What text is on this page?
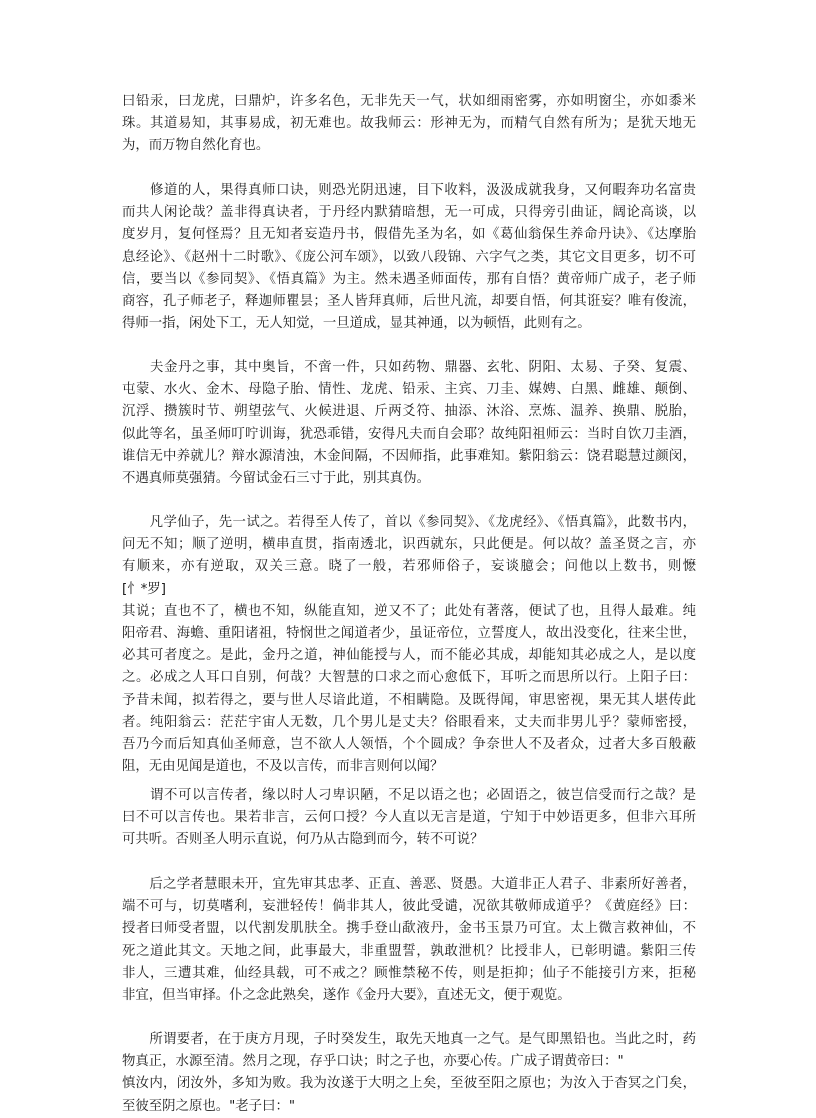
曰铅汞，曰龙虎，曰鼎炉，许多名色，无非先天一气，状如细雨密雾，亦如明窗尘，亦如黍米
珠。其道易知，其事易成，初无难也。故我师云：形神无为，而精气自然有所为；是犹天地无
为，而万物自然化育也。

　　修道的人，果得真师口诀，则恐光阴迅速，目下收料，汲汲成就我身，又何暇奔功名富贵
而共人闲论哉？盖非得真诀者，于丹经内默猜暗想，无一可成，只得旁引曲证，阔论高谈，以
度岁月，复何怪焉？且无知者妄造丹书，假借先圣为名，如《葛仙翁保生养命丹诀》、《达摩胎
息经论》、《赵州十二时歌》、《庞公河车颂》，以致八段锦、六字气之类，其它文目更多，切不可
信，要当以《参同契》、《悟真篇》为主。然未遇圣师面传，那有自悟？黄帝师广成子，老子师
商容，孔子师老子，释迦师瞿昙；圣人皆拜真师，后世凡流，却要自悟，何其诳妄？唯有俊流，
得师一指，闲处下工，无人知觉，一旦道成，显其神通，以为顿悟，此则有之。

　　夫金丹之事，其中奥旨，不啻一件，只如药物、鼎器、玄牝、阴阳、太易、子癸、复震、
屯蒙、水火、金木、母隐子胎、情性、龙虎、铅汞、主宾、刀圭、媒娉、白黑、雌雄、颠倒、
沉浮、攒簇时节、朔望弦气、火候进退、斤两爻符、抽添、沐浴、烹炼、温养、换鼎、脱胎，
似此等名，虽圣师叮咛训诲，犹恐乖错，安得凡夫而自会耶？故纯阳祖师云：当时自饮刀圭酒，
谁信无中养就儿？辩水源清浊，木金间隔，不因师指，此事难知。紫阳翁云：饶君聪慧过颜闵，
不遇真师莫强猜。今留试金石三寸于此，别其真伪。

　　凡学仙子，先一试之。若得至人传了，首以《参同契》、《龙虎经》、《悟真篇》，此数书内，
问无不知；顺了逆明，横串直贯，指南透北，识西就东，只此便是。何以故？盖圣贤之言，亦
有顺来，亦有逆取，双关三意。晓了一般，若邪师俗子，妄谈臆会；问他以上数书，则懡
[忄*罗]
其说；直也不了，横也不知，纵能直知，逆又不了；此处有著落，便试了也，且得人最难。纯
阳帝君、海蟾、重阳诸祖，特悯世之闻道者少，虽证帝位，立誓度人，故出没变化，往来尘世，
必其可者度之。是此，金丹之道，神仙能授与人，而不能必其成，却能知其必成之人，是以度
之。必成之人耳口自别，何哉？大智慧的口求之而心愈低下，耳听之而思所以行。上阳子曰：
予昔未闻，拟若得之，要与世人尽谙此道，不相瞒隐。及既得闻，审思密视，果无其人堪传此
者。纯阳翁云：茫茫宇宙人无数，几个男儿是丈夫？俗眼看来，丈夫而非男儿乎？蒙师密授，
吾乃今而后知真仙圣师意，岂不欲人人领悟，个个圆成？争奈世人不及者众，过者大多百般蔽
阻，无由见闻是道也，不及以言传，而非言则何以闻？

　　谓不可以言传者，缘以时人刁卑识陋，不足以语之也；必固语之，彼岂信受而行之哉？是
曰不可以言传也。果若非言，云何口授？今人直以无言是道，宁知于中妙语更多，但非六耳所
可共听。否则圣人明示直说，何乃从古隐到而今，转不可说？

　　后之学者慧眼未开，宜先审其忠孝、正直、善恶、贤愚。大道非正人君子、非素所好善者，
端不可与，切莫嗜利，妄泄轻传！倘非其人，彼此受谴，况欲其敬师成道乎？《黄庭经》曰：
授者曰师受者盟，以代割发肌肤全。携手登山歃液丹，金书玉景乃可宜。太上微言救神仙，不
死之道此其文。天地之间，此事最大，非重盟誓，孰敢泄机？比授非人，已彰明谴。紫阳三传
非人，三遭其难，仙经具载，可不戒之？顾惟禁秘不传，则是拒抑；仙子不能接引方来，拒秘
非宜，但当审择。仆之念此熟矣，遂作《金丹大要》，直述无文，便于观览。

　　所谓要者，在于庚方月现，子时癸发生，取先天地真一之气。是气即黑铅也。当此之时，药
物真正，水源至清。然月之现，存乎口诀；时之子也，亦要心传。广成子谓黄帝曰："
慎汝内，闭汝外，多知为败。我为汝遂于大明之上矣，至彼至阳之原也；为汝入于杳冥之门矣，
至彼至阴之原也。"老子曰："
